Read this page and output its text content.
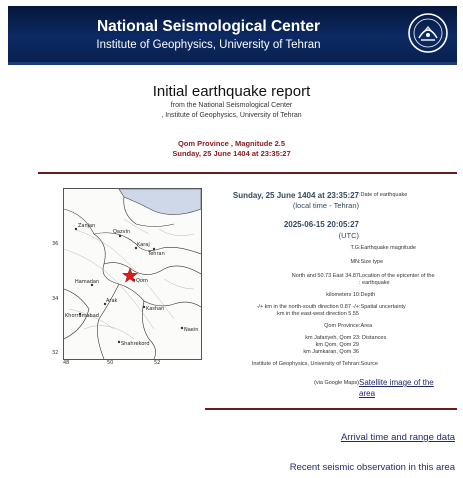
National Seismological Center
Institute of Geophysics, University of Tehran
Initial earthquake report
from the National Seismological Center
, Institute of Geophysics, University of Tehran
Qom Province , Magnitude 2.5
Sunday, 25 June 1404 at 23:35:27
Zanjan
Qazvin
Karaj
Tehran
Hamadan	Qom
Arak
Kashan
Khorramabad
Shahrekord
Naein
36
34
32
48	50	52
Sunday, 25 June 1404 at 23:35:27
(local time - Tehran)
:Date of earthquake
2025-06-15 20:05:27
(UTC)
T.G :Earthquake magnitude
MN :Size type
North and 50.73 East 34.87 Location of the epicenter of the
: earthquake
kilometers 10 :Depth
-/+ km in the north-south direction 0.87 -/+
km in the east-west direction 5.55
:Spatial uncertainty
Qom Province :Area
km Jafariyeh, Qom 23
km Qom, Qom 29
km Jamkaran, Qom 36
: Distances
Institute of Geophysics, University of Tehran :Source
(via Google Maps) Satellite image of the
area
Arrival time and range data
Recent seismic observation in this area
